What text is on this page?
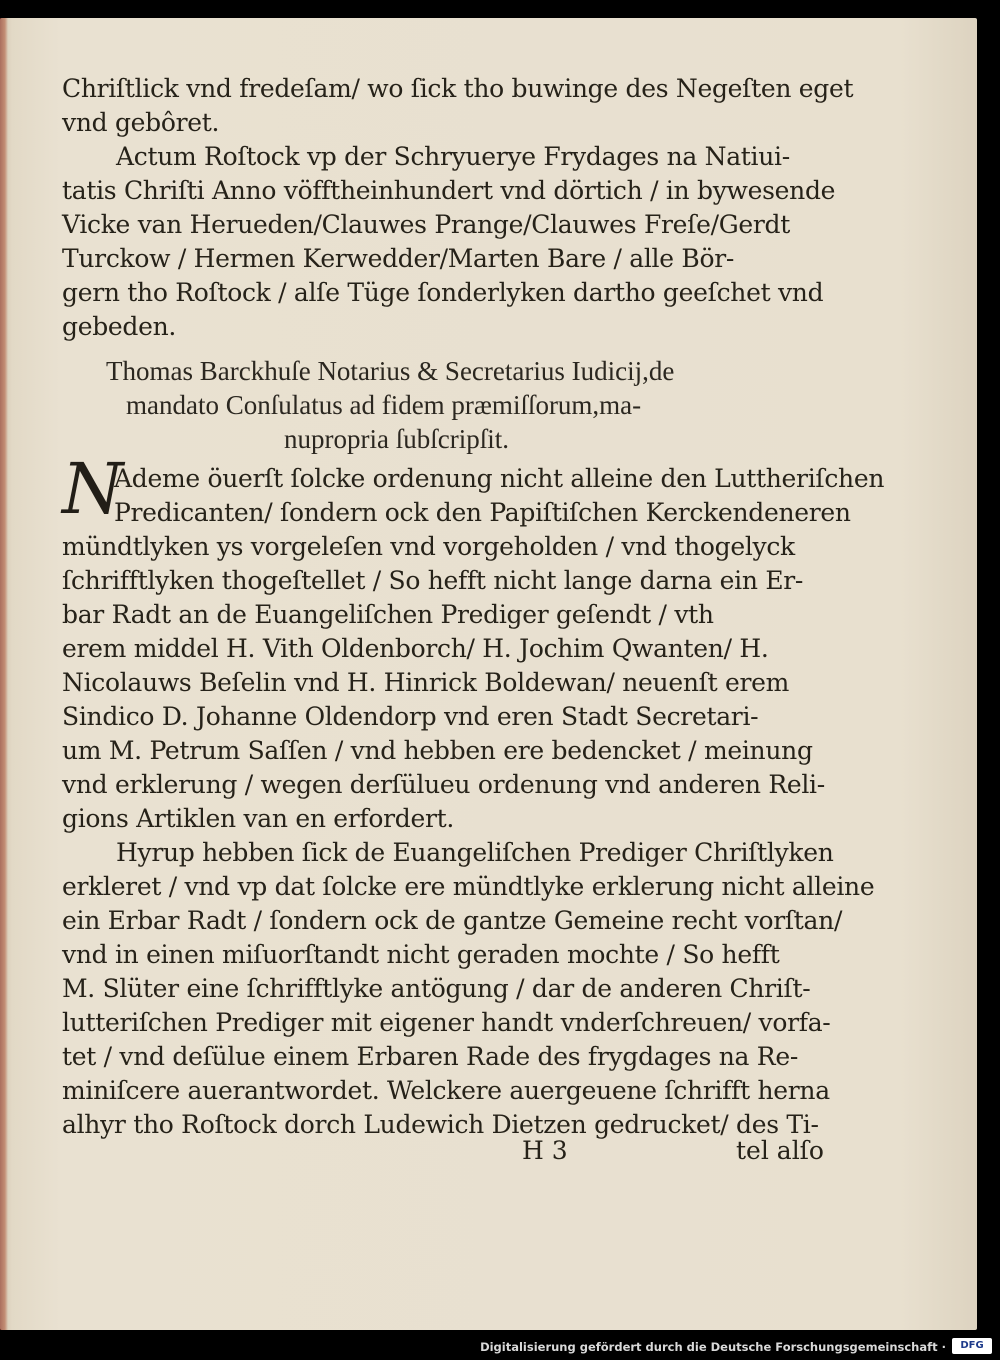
Chriſtlick vnd fredeſam/ wo ſick tho buwinge des Negeſten eget
vnd gebôret.
Actum Roſtock vp der Schryuerye Frydages na Natiui-
tatis Chriſti Anno vöfftheinhundert vnd dörtich / in bywesende
Vicke van Herueden/Clauwes Prange/Clauwes Freſe/Gerdt
Turckow / Hermen Kerwedder/Marten Bare / alle Bör-
gern tho Roſtock / alſe Tüge ſonderlyken dartho geeſchet vnd
gebeden.
Thomas Barckhuſe Notarius & Secretarius Iudicij,de
mandato Conſulatus ad fidem præmiſſorum,ma-
nupropria ſubſcripſit.
N
Ademe öuerſt ſolcke ordenung nicht alleine den Luttheriſchen
Predicanten/ ſondern ock den Papiſtiſchen Kerckendeneren
mündtlyken ys vorgeleſen vnd vorgeholden / vnd thogelyck
ſchrifftlyken thogeſtellet / So hefft nicht lange darna ein Er-
bar Radt an de Euangeliſchen Prediger geſendt / vth
erem middel H. Vith Oldenborch/ H. Jochim Qwanten/ H.
Nicolauws Beſelin vnd H. Hinrick Boldewan/ neuenſt erem
Sindico D. Johanne Oldendorp vnd eren Stadt Secretari-
um M. Petrum Saſſen / vnd hebben ere bedencket / meinung
vnd erklerung / wegen derſülueu ordenung vnd anderen Reli-
gions Artiklen van en erfordert.
Hyrup hebben ſick de Euangeliſchen Prediger Chriſtlyken
erkleret / vnd vp dat ſolcke ere mündtlyke erklerung nicht alleine
ein Erbar Radt / ſondern ock de gantze Gemeine recht vorſtan/
vnd in einen miſuorſtandt nicht geraden mochte / So hefft
M. Slüter eine ſchrifftlyke antögung / dar de anderen Chriſt-
lutteriſchen Prediger mit eigener handt vnderſchreuen/ vorfa-
tet / vnd deſülue einem Erbaren Rade des frygdages na Re-
miniſcere auerantwordet. Welckere auergeuene ſchrifft herna
alhyr tho Roſtock dorch Ludewich Dietzen gedrucket/ des Ti-
H 3	tel alſo
Digitalisierung gefördert durch die Deutsche Forschungsgemeinschaft ·	DFG
